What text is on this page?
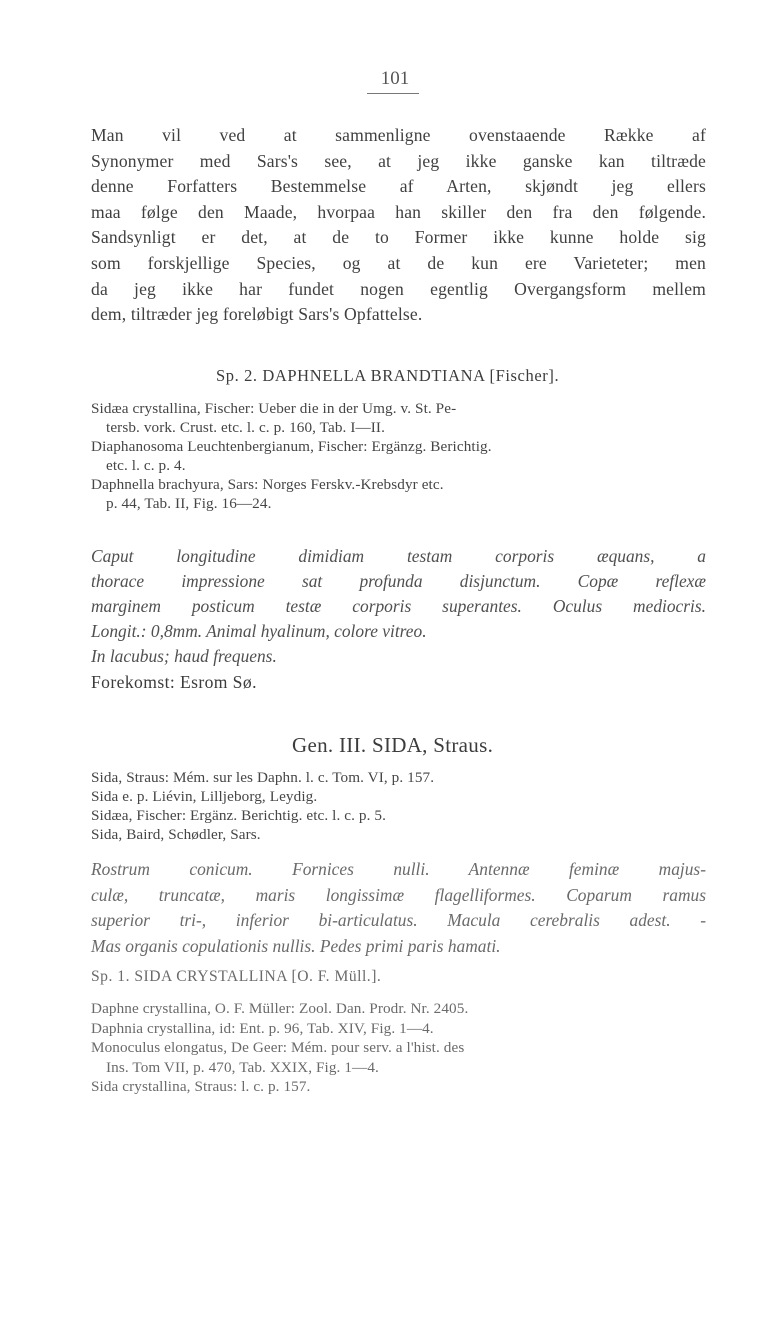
101
Man vil ved at sammenligne ovenstaaende Række af
Synonymer med Sars's see, at jeg ikke ganske kan tiltræde
denne Forfatters Bestemmelse af Arten, skjøndt jeg ellers
maa følge den Maade, hvorpaa han skiller den fra den følgende.
Sandsynligt er det, at de to Former ikke kunne holde sig
som forskjellige Species, og at de kun ere Varieteter; men
da jeg ikke har fundet nogen egentlig Overgangsform mellem
dem, tiltræder jeg foreløbigt Sars's Opfattelse.
Sp. 2. DAPHNELLA BRANDTIANA [Fischer].
Sidæa crystallina, Fischer: Ueber die in der Umg. v. St. Pe-
tersb. vork. Crust. etc. l. c. p. 160, Tab. I—II.
Diaphanosoma Leuchtenbergianum, Fischer: Ergänzg. Berichtig.
etc. l. c. p. 4.
Daphnella brachyura, Sars: Norges Ferskv.-Krebsdyr etc.
p. 44, Tab. II, Fig. 16—24.
Caput longitudine dimidiam testam corporis æquans, a
thorace impressione sat profunda disjunctum. Copæ reflexæ
marginem posticum testæ corporis superantes. Oculus mediocris.
Longit.: 0,8mm. Animal hyalinum, colore vitreo.
In lacubus; haud frequens.
Forekomst: Esrom Sø.
Gen. III. SIDA, Straus.
Sida, Straus: Mém. sur les Daphn. l. c. Tom. VI, p. 157.
Sida e. p. Liévin, Lilljeborg, Leydig.
Sidæa, Fischer: Ergänz. Berichtig. etc. l. c. p. 5.
Sida, Baird, Schødler, Sars.
Rostrum conicum. Fornices nulli. Antennæ feminæ majus-
culæ, truncatæ, maris longissimæ flagelliformes. Coparum ramus
superior tri-, inferior bi-articulatus. Macula cerebralis adest. -
Mas organis copulationis nullis. Pedes primi paris hamati.
Sp. 1. SIDA CRYSTALLINA [O. F. Müll.].
Daphne crystallina, O. F. Müller: Zool. Dan. Prodr. Nr. 2405.
Daphnia crystallina, id: Ent. p. 96, Tab. XIV, Fig. 1—4.
Monoculus elongatus, De Geer: Mém. pour serv. a l'hist. des
Ins. Tom VII, p. 470, Tab. XXIX, Fig. 1—4.
Sida crystallina, Straus: l. c. p. 157.
